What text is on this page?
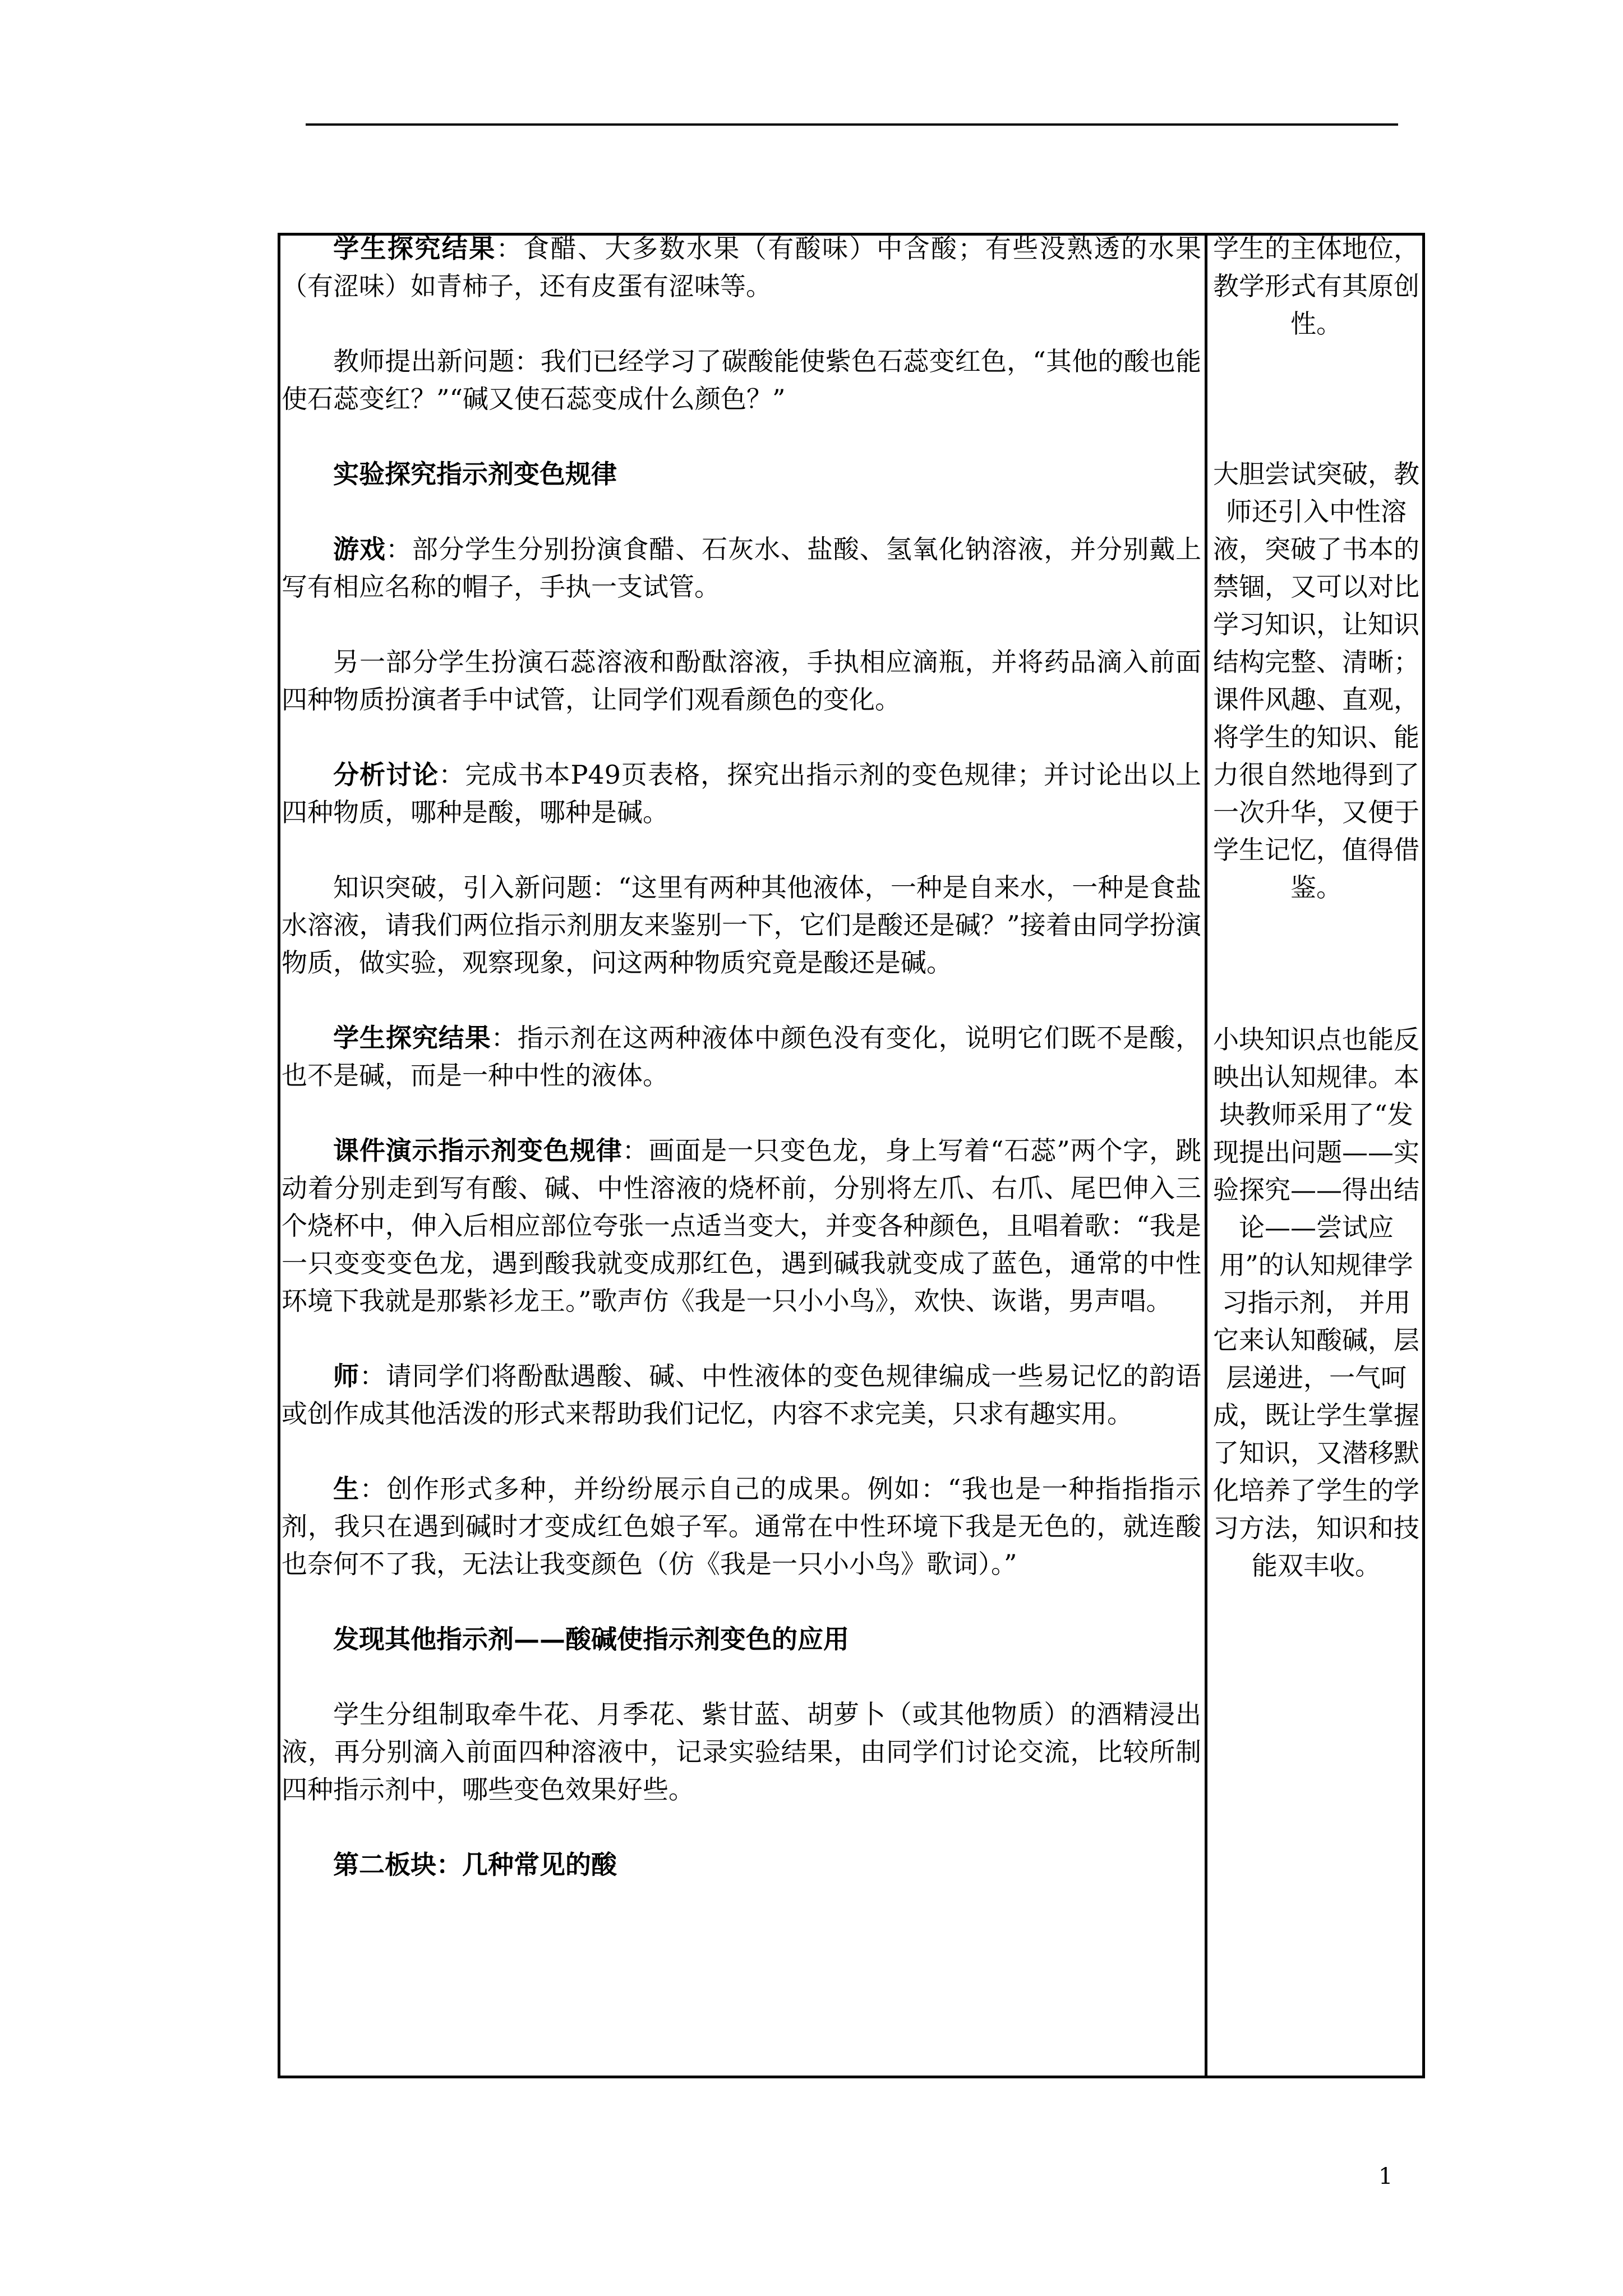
学生探究结果：食醋、大多数水果（有酸味）中含酸；有些没熟透的水果（有涩味）如青柿子，还有皮蛋有涩味等。

教师提出新问题：我们已经学习了碳酸能使紫色石蕊变红色，“其他的酸也能使石蕊变红？”“碱又使石蕊变成什么颜色？”

实验探究指示剂变色规律

游戏：部分学生分别扮演食醋、石灰水、盐酸、氢氧化钠溶液，并分别戴上写有相应名称的帽子，手执一支试管。

另一部分学生扮演石蕊溶液和酚酞溶液，手执相应滴瓶，并将药品滴入前面四种物质扮演者手中试管，让同学们观看颜色的变化。

分析讨论：完成书本P49页表格，探究出指示剂的变色规律；并讨论出以上四种物质，哪种是酸，哪种是碱。

知识突破，引入新问题：“这里有两种其他液体，一种是自来水，一种是食盐水溶液，请我们两位指示剂朋友来鉴别一下，它们是酸还是碱？”接着由同学扮演物质，做实验，观察现象，问这两种物质究竟是酸还是碱。

学生探究结果：指示剂在这两种液体中颜色没有变化，说明它们既不是酸，也不是碱，而是一种中性的液体。

课件演示指示剂变色规律：画面是一只变色龙，身上写着“石蕊”两个字，跳动着分别走到写有酸、碱、中性溶液的烧杯前，分别将左爪、右爪、尾巴伸入三个烧杯中，伸入后相应部位夸张一点适当变大，并变各种颜色，且唱着歌：“我是一只变变变色龙，遇到酸我就变成那红色，遇到碱我就变成了蓝色，通常的中性环境下我就是那紫衫龙王。”歌声仿《我是一只小小鸟》，欢快、诙谐，男声唱。

师：请同学们将酚酞遇酸、碱、中性液体的变色规律编成一些易记忆的韵语或创作成其他活泼的形式来帮助我们记忆，内容不求完美，只求有趣实用。

生：创作形式多种，并纷纷展示自己的成果。例如：“我也是一种指指指示剂，我只在遇到碱时才变成红色娘子军。通常在中性环境下我是无色的，就连酸也奈何不了我，无法让我变颜色（仿《我是一只小小鸟》歌词）。”

发现其他指示剂——酸碱使指示剂变色的应用

学生分组制取牵牛花、月季花、紫甘蓝、胡萝卜（或其他物质）的酒精浸出液，再分别滴入前面四种溶液中，记录实验结果，由同学们讨论交流，比较所制四种指示剂中，哪些变色效果好些。

第二板块：几种常见的酸

学生的主体地位，教学形式有其原创性。
大胆尝试突破，教师还引入中性溶液，突破了书本的禁锢，又可以对比学习知识，让知识结构完整、清晰；课件风趣、直观，将学生的知识、能力很自然地得到了一次升华，又便于学生记忆，值得借鉴。
小块知识点也能反映出认知规律。本块教师采用了“发现提出问题——实验探究——得出结论——尝试应用”的认知规律学习指示剂， 并用它来认知酸碱，层层递进，一气呵成，既让学生掌握了知识，又潜移默化培养了学生的学习方法，知识和技能双丰收。
1
